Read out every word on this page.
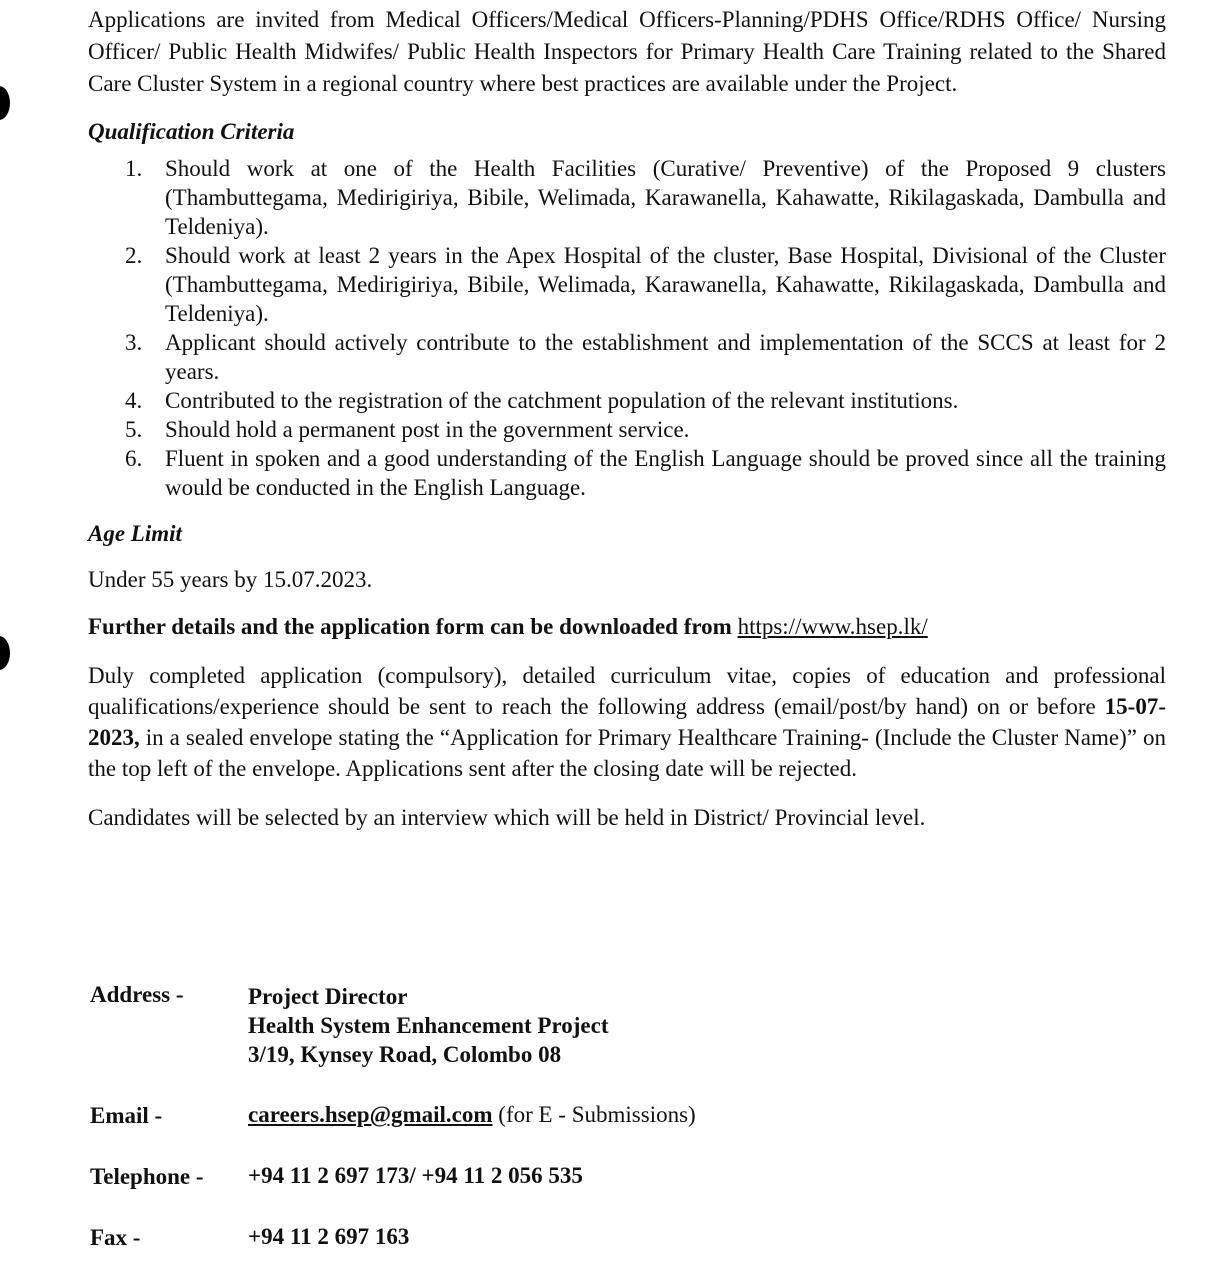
Applications are invited from Medical Officers/Medical Officers-Planning/PDHS Office/RDHS Office/ Nursing Officer/ Public Health Midwifes/ Public Health Inspectors for Primary Health Care Training related to the Shared Care Cluster System in a regional country where best practices are available under the Project.

Qualification Criteria

1. Should work at one of the Health Facilities (Curative/ Preventive) of the Proposed 9 clusters (Thambuttegama, Medirigiriya, Bibile, Welimada, Karawanella, Kahawatte, Rikilagaskada, Dambulla and Teldeniya).
2. Should work at least 2 years in the Apex Hospital of the cluster, Base Hospital, Divisional of the Cluster (Thambuttegama, Medirigiriya, Bibile, Welimada, Karawanella, Kahawatte, Rikilagaskada, Dambulla and Teldeniya).
3. Applicant should actively contribute to the establishment and implementation of the SCCS at least for 2 years.
4. Contributed to the registration of the catchment population of the relevant institutions.
5. Should hold a permanent post in the government service.
6. Fluent in spoken and a good understanding of the English Language should be proved since all the training would be conducted in the English Language.

Age Limit

Under 55 years by 15.07.2023.

Further details and the application form can be downloaded from https://www.hsep.lk/

Duly completed application (compulsory), detailed curriculum vitae, copies of education and professional qualifications/experience should be sent to reach the following address (email/post/by hand) on or before 15-07-2023, in a sealed envelope stating the “Application for Primary Healthcare Training- (Include the Cluster Name)” on the top left of the envelope. Applications sent after the closing date will be rejected.

Candidates will be selected by an interview which will be held in District/ Provincial level.

Address -	Project Director
Health System Enhancement Project
3/19, Kynsey Road, Colombo 08
Email -	careers.hsep@gmail.com (for E - Submissions)
Telephone - +94 11 2 697 173/ +94 11 2 056 535
Fax -	+94 11 2 697 163
